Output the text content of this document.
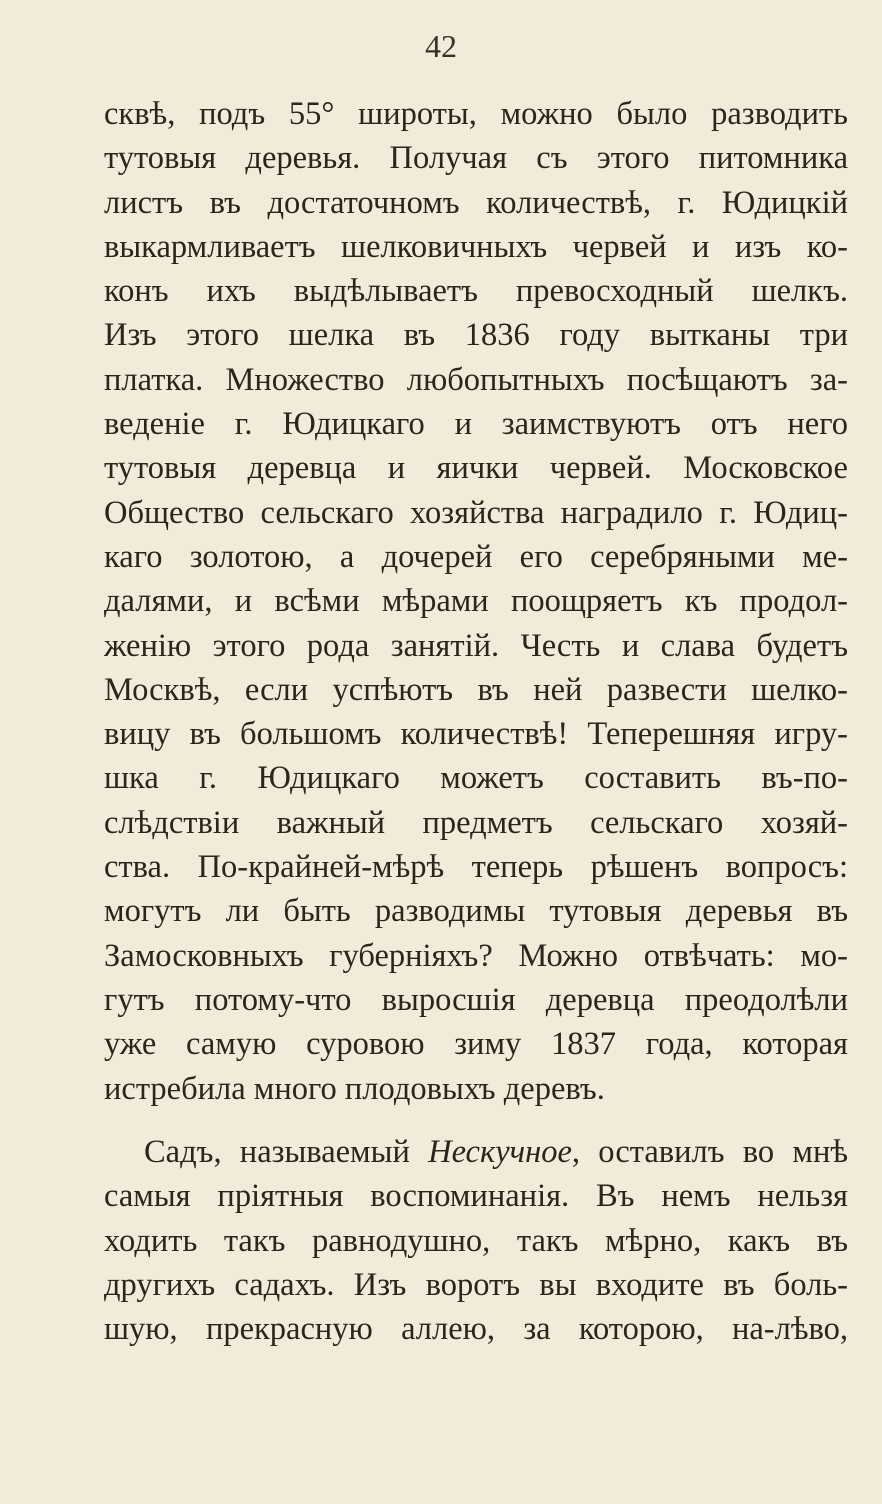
42
сквѣ, подъ 55° широты, можно было разводить
тутовыя деревья. Получая съ этого питомника
листъ въ достаточномъ количествѣ, г. Юдицкій
выкармливаетъ шелковичныхъ червей и изъ ко-
конъ ихъ выдѣлываетъ превосходный шелкъ.
Изъ этого шелка въ 1836 году вытканы три
платка. Множество любопытныхъ посѣщаютъ за-
веденіе г. Юдицкаго и заимствуютъ отъ него
тутовыя деревца и яички червей. Московское
Общество сельскаго хозяйства наградило г. Юдиц-
каго золотою, а дочерей его серебряными ме-
далями, и всѣми мѣрами поощряетъ къ продол-
женію этого рода занятій. Честь и слава будетъ
Москвѣ, если успѣютъ въ ней развести шелко-
вицу въ большомъ количествѣ! Теперешняя игру-
шка г. Юдицкаго можетъ составить въ-по-
слѣдствіи важный предметъ сельскаго хозяй-
ства. По-крайней-мѣрѣ теперь рѣшенъ вопросъ:
могутъ ли быть разводимы тутовыя деревья въ
Замосковныхъ губерніяхъ? Можно отвѣчать: мо-
гутъ потому-что выросшія деревца преодолѣли
уже самую суровою зиму 1837 года, которая
истребила много плодовыхъ деревъ.
Садъ, называемый Нескучное, оставилъ во мнѣ
самыя пріятныя воспоминанія. Въ немъ нельзя
ходить такъ равнодушно, такъ мѣрно, какъ въ
другихъ садахъ. Изъ воротъ вы входите въ боль-
шую, прекрасную аллею, за которою, на-лѣво,
